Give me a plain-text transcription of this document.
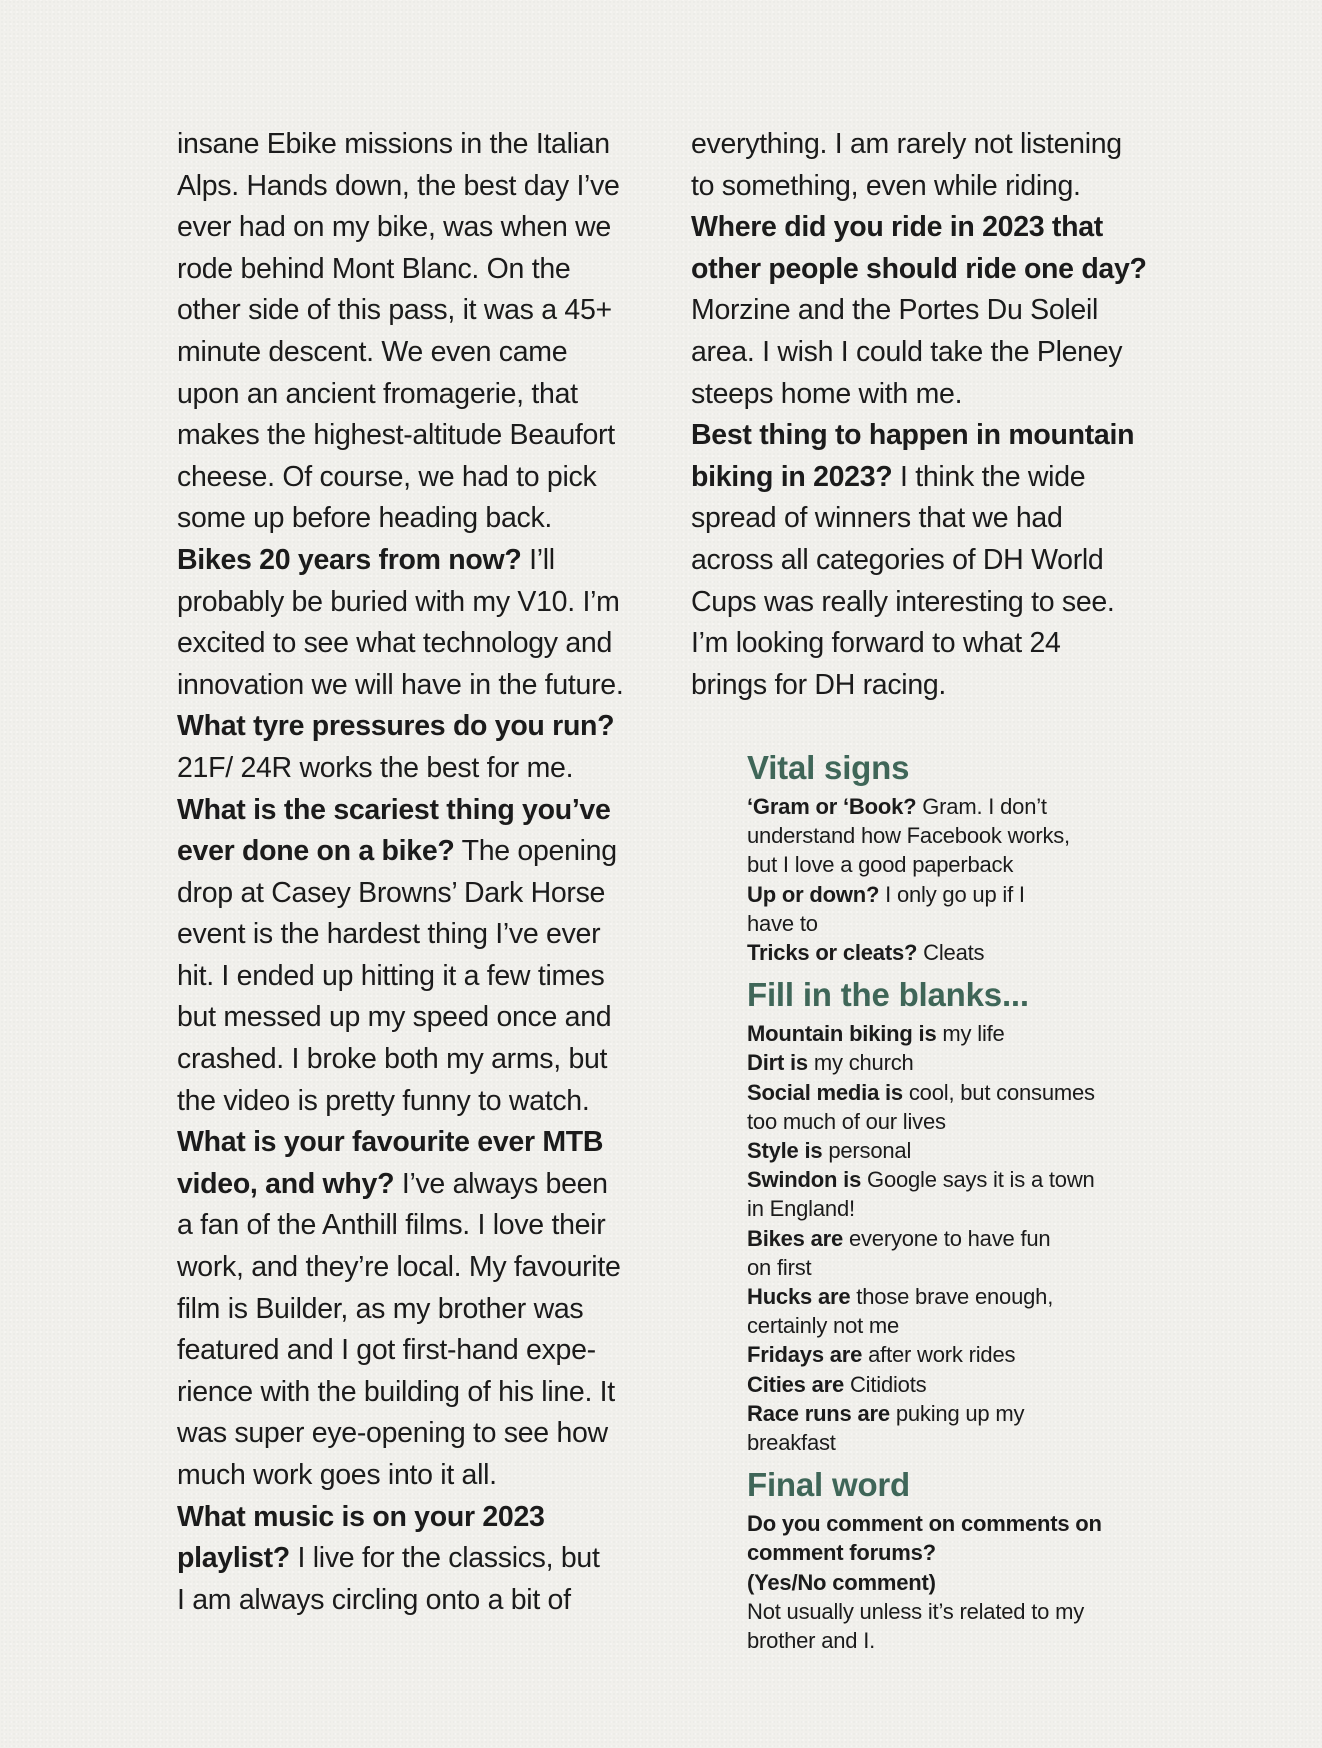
insane Ebike missions in the Italian
Alps. Hands down, the best day I’ve
ever had on my bike, was when we
rode behind Mont Blanc. On the
other side of this pass, it was a 45+
minute descent. We even came
upon an ancient fromagerie, that
makes the highest-altitude Beaufort
cheese. Of course, we had to pick
some up before heading back.
Bikes 20 years from now? I’ll
probably be buried with my V10. I’m
excited to see what technology and
innovation we will have in the future.
What tyre pressures do you run?
21F/ 24R works the best for me.
What is the scariest thing you’ve
ever done on a bike? The opening
drop at Casey Browns’ Dark Horse
event is the hardest thing I’ve ever
hit. I ended up hitting it a few times
but messed up my speed once and
crashed. I broke both my arms, but
the video is pretty funny to watch.
What is your favourite ever MTB
video, and why? I’ve always been
a fan of the Anthill films. I love their
work, and they’re local. My favourite
film is Builder, as my brother was
featured and I got first-hand expe-
rience with the building of his line. It
was super eye-opening to see how
much work goes into it all.
What music is on your 2023
playlist? I live for the classics, but
I am always circling onto a bit of
everything. I am rarely not listening
to something, even while riding.
Where did you ride in 2023 that
other people should ride one day?
Morzine and the Portes Du Soleil
area. I wish I could take the Pleney
steeps home with me.
Best thing to happen in mountain
biking in 2023? I think the wide
spread of winners that we had
across all categories of DH World
Cups was really interesting to see.
I’m looking forward to what 24
brings for DH racing.
Vital signs
‘Gram or ‘Book? Gram. I don’t
understand how Facebook works,
but I love a good paperback
Up or down? I only go up if I
have to
Tricks or cleats? Cleats
Fill in the blanks...
Mountain biking is my life
Dirt is my church
Social media is cool, but consumes
too much of our lives
Style is personal
Swindon is Google says it is a town
in England!
Bikes are everyone to have fun
on first
Hucks are those brave enough,
certainly not me
Fridays are after work rides
Cities are Citidiots
Race runs are puking up my
breakfast
Final word
Do you comment on comments on
comment forums?
(Yes/No comment)
Not usually unless it’s related to my
brother and I.
